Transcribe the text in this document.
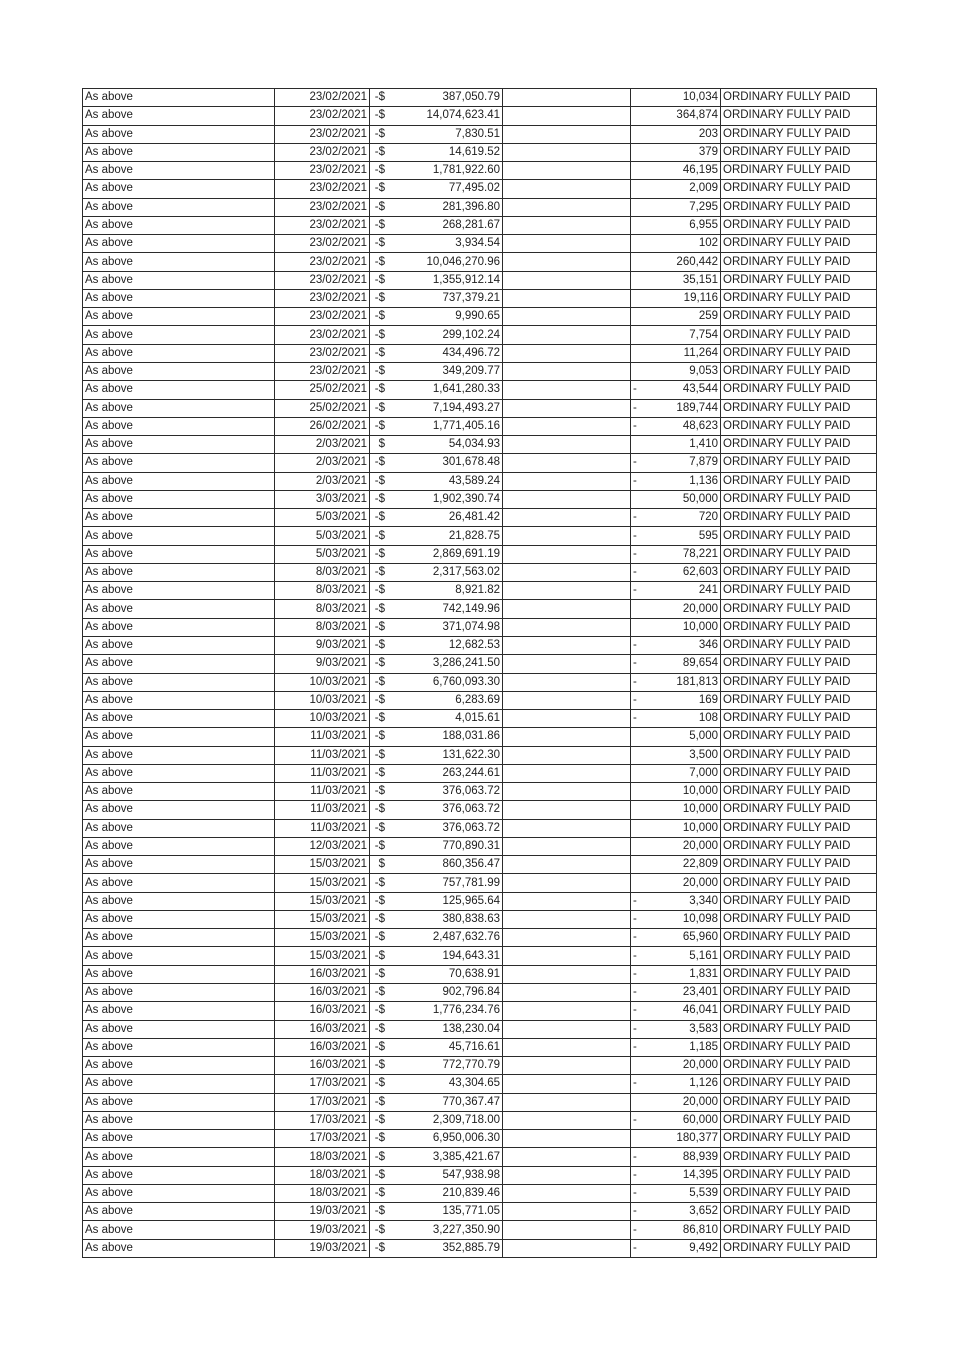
As above	23/02/2021	-$ 387,050.79		10,034	ORDINARY FULLY PAID
As above	23/02/2021	-$ 14,074,623.41		364,874	ORDINARY FULLY PAID
As above	23/02/2021	-$ 7,830.51		203	ORDINARY FULLY PAID
As above	23/02/2021	-$ 14,619.52		379	ORDINARY FULLY PAID
As above	23/02/2021	-$ 1,781,922.60		46,195	ORDINARY FULLY PAID
As above	23/02/2021	-$ 77,495.02		2,009	ORDINARY FULLY PAID
As above	23/02/2021	-$ 281,396.80		7,295	ORDINARY FULLY PAID
As above	23/02/2021	-$ 268,281.67		6,955	ORDINARY FULLY PAID
As above	23/02/2021	-$ 3,934.54		102	ORDINARY FULLY PAID
As above	23/02/2021	-$ 10,046,270.96		260,442	ORDINARY FULLY PAID
As above	23/02/2021	-$ 1,355,912.14		35,151	ORDINARY FULLY PAID
As above	23/02/2021	-$ 737,379.21		19,116	ORDINARY FULLY PAID
As above	23/02/2021	-$ 9,990.65		259	ORDINARY FULLY PAID
As above	23/02/2021	-$ 299,102.24		7,754	ORDINARY FULLY PAID
As above	23/02/2021	-$ 434,496.72		11,264	ORDINARY FULLY PAID
As above	23/02/2021	-$ 349,209.77		9,053	ORDINARY FULLY PAID
As above	25/02/2021	-$ 1,641,280.33		- 43,544	ORDINARY FULLY PAID
As above	25/02/2021	-$ 7,194,493.27		- 189,744	ORDINARY FULLY PAID
As above	26/02/2021	-$ 1,771,405.16		- 48,623	ORDINARY FULLY PAID
As above	2/03/2021	$ 54,034.93		1,410	ORDINARY FULLY PAID
As above	2/03/2021	-$ 301,678.48		- 7,879	ORDINARY FULLY PAID
As above	2/03/2021	-$ 43,589.24		- 1,136	ORDINARY FULLY PAID
As above	3/03/2021	-$ 1,902,390.74		50,000	ORDINARY FULLY PAID
As above	5/03/2021	-$ 26,481.42		- 720	ORDINARY FULLY PAID
As above	5/03/2021	-$ 21,828.75		- 595	ORDINARY FULLY PAID
As above	5/03/2021	-$ 2,869,691.19		- 78,221	ORDINARY FULLY PAID
As above	8/03/2021	-$ 2,317,563.02		- 62,603	ORDINARY FULLY PAID
As above	8/03/2021	-$ 8,921.82		- 241	ORDINARY FULLY PAID
As above	8/03/2021	-$ 742,149.96		20,000	ORDINARY FULLY PAID
As above	8/03/2021	-$ 371,074.98		10,000	ORDINARY FULLY PAID
As above	9/03/2021	-$ 12,682.53		- 346	ORDINARY FULLY PAID
As above	9/03/2021	-$ 3,286,241.50		- 89,654	ORDINARY FULLY PAID
As above	10/03/2021	-$ 6,760,093.30		- 181,813	ORDINARY FULLY PAID
As above	10/03/2021	-$ 6,283.69		- 169	ORDINARY FULLY PAID
As above	10/03/2021	-$ 4,015.61		- 108	ORDINARY FULLY PAID
As above	11/03/2021	-$ 188,031.86		5,000	ORDINARY FULLY PAID
As above	11/03/2021	-$ 131,622.30		3,500	ORDINARY FULLY PAID
As above	11/03/2021	-$ 263,244.61		7,000	ORDINARY FULLY PAID
As above	11/03/2021	-$ 376,063.72		10,000	ORDINARY FULLY PAID
As above	11/03/2021	-$ 376,063.72		10,000	ORDINARY FULLY PAID
As above	11/03/2021	-$ 376,063.72		10,000	ORDINARY FULLY PAID
As above	12/03/2021	-$ 770,890.31		20,000	ORDINARY FULLY PAID
As above	15/03/2021	$ 860,356.47		22,809	ORDINARY FULLY PAID
As above	15/03/2021	-$ 757,781.99		20,000	ORDINARY FULLY PAID
As above	15/03/2021	-$ 125,965.64		- 3,340	ORDINARY FULLY PAID
As above	15/03/2021	-$ 380,838.63		- 10,098	ORDINARY FULLY PAID
As above	15/03/2021	-$ 2,487,632.76		- 65,960	ORDINARY FULLY PAID
As above	15/03/2021	-$ 194,643.31		- 5,161	ORDINARY FULLY PAID
As above	16/03/2021	-$ 70,638.91		- 1,831	ORDINARY FULLY PAID
As above	16/03/2021	-$ 902,796.84		- 23,401	ORDINARY FULLY PAID
As above	16/03/2021	-$ 1,776,234.76		- 46,041	ORDINARY FULLY PAID
As above	16/03/2021	-$ 138,230.04		- 3,583	ORDINARY FULLY PAID
As above	16/03/2021	-$ 45,716.61		- 1,185	ORDINARY FULLY PAID
As above	16/03/2021	-$ 772,770.79		20,000	ORDINARY FULLY PAID
As above	17/03/2021	-$ 43,304.65		- 1,126	ORDINARY FULLY PAID
As above	17/03/2021	-$ 770,367.47		20,000	ORDINARY FULLY PAID
As above	17/03/2021	-$ 2,309,718.00		- 60,000	ORDINARY FULLY PAID
As above	17/03/2021	-$ 6,950,006.30		180,377	ORDINARY FULLY PAID
As above	18/03/2021	-$ 3,385,421.67		- 88,939	ORDINARY FULLY PAID
As above	18/03/2021	-$ 547,938.98		- 14,395	ORDINARY FULLY PAID
As above	18/03/2021	-$ 210,839.46		- 5,539	ORDINARY FULLY PAID
As above	19/03/2021	-$ 135,771.05		- 3,652	ORDINARY FULLY PAID
As above	19/03/2021	-$ 3,227,350.90		- 86,810	ORDINARY FULLY PAID
As above	19/03/2021	-$ 352,885.79		- 9,492	ORDINARY FULLY PAID
